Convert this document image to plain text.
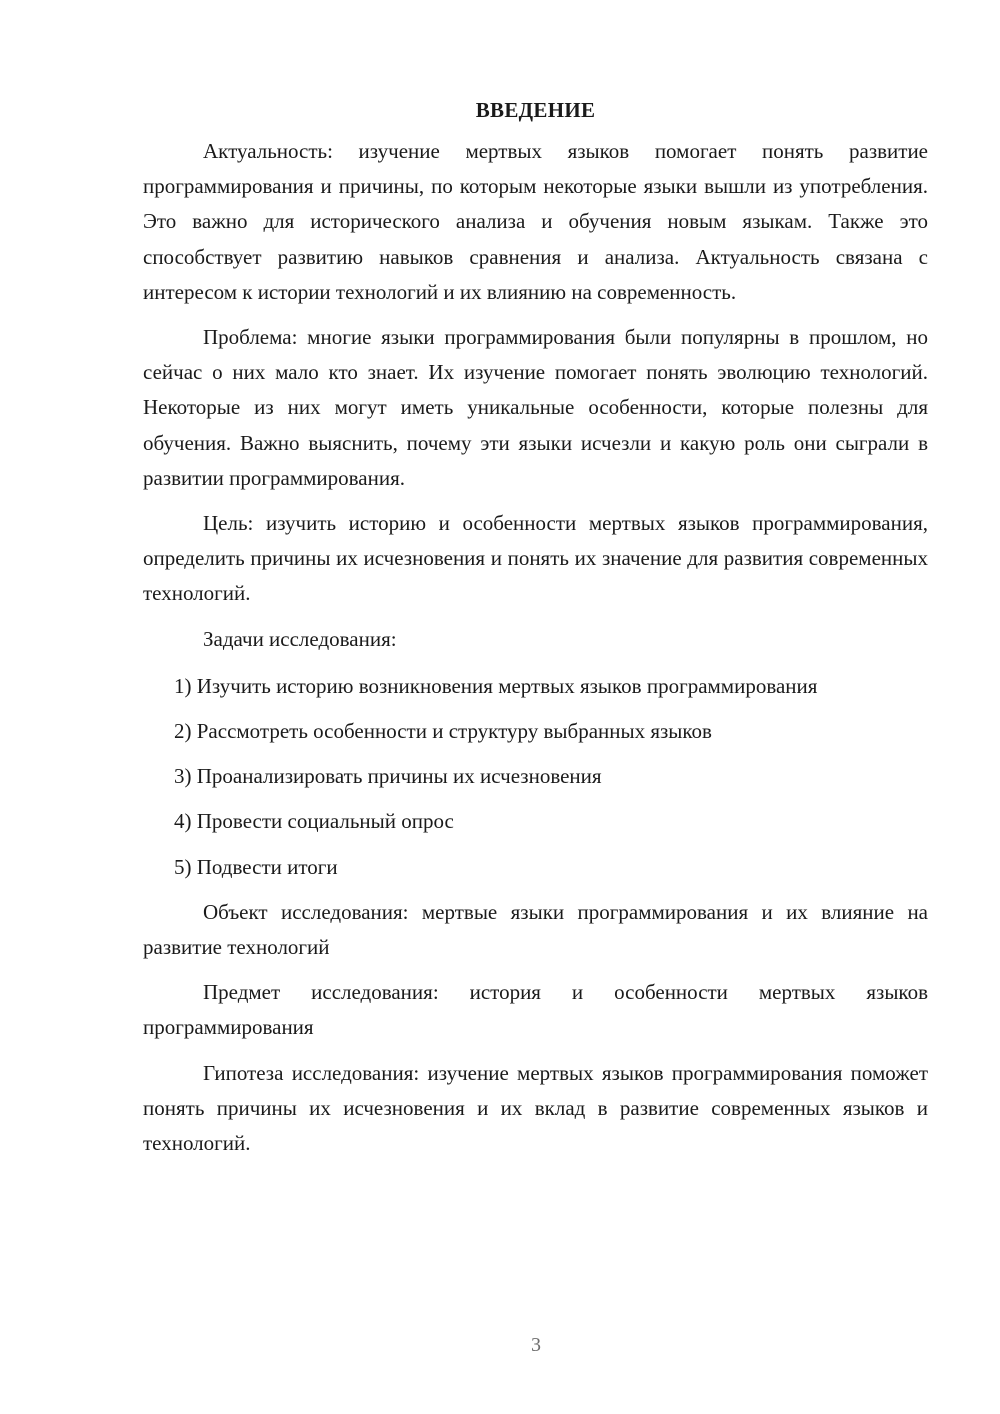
ВВЕДЕНИЕ

Актуальность: изучение мертвых языков помогает понять развитие программирования и причины, по которым некоторые языки вышли из употребления. Это важно для исторического анализа и обучения новым языкам. Также это способствует развитию навыков сравнения и анализа. Актуальность связана с интересом к истории технологий и их влиянию на современность.

Проблема: многие языки программирования были популярны в прошлом, но сейчас о них мало кто знает. Их изучение помогает понять эволюцию технологий. Некоторые из них могут иметь уникальные особенности, которые полезны для обучения. Важно выяснить, почему эти языки исчезли и какую роль они сыграли в развитии программирования.

Цель: изучить историю и особенности мертвых языков программирования, определить причины их исчезновения и понять их значение для развития современных технологий.

Задачи исследования:

1) Изучить историю возникновения мертвых языков программирования

2) Рассмотреть особенности и структуру выбранных языков

3) Проанализировать причины их исчезновения

4) Провести социальный опрос

5) Подвести итоги

Объект исследования: мертвые языки программирования и их влияние на развитие технологий

Предмет исследования: история и особенности мертвых языков программирования

Гипотеза исследования: изучение мертвых языков программирования поможет понять причины их исчезновения и их вклад в развитие современных языков и технологий.

3
